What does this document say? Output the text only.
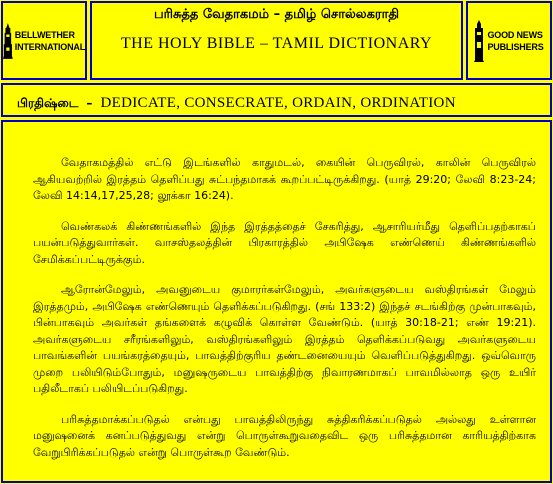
BELLWETHER
INTERNATIONAL
பரிசுத்த வேதாகமம் – தமிழ் சொல்லகராதி
THE HOLY BIBLE – TAMIL DICTIONARY
GOOD NEWS
PUBLISHERS
பிரதிஷ்டை – DEDICATE, CONSECRATE, ORDAIN, ORDINATION

வேதாகமத்தில் எட்டு இடங்களில் காதுமடல், கையின் பெருவிரல், காலின் பெருவிரல் ஆகியவற்றில் இரத்தம் தெளிப்பது சுட்பந்தமாகக் கூறப்பட்டிருக்கிறது. (யாத் 29:20; லேவி 8:23-24; லேவி 14:14,17,25,28; லூக்கா 16:24).

வெண்கலக் கிண்ணங்களில் இந்த இரத்தத்தைச் சேகரித்து, ஆசாரியர்மீது தெளிப்பதற்காகப் பயன்படுத்துவார்கள். வாசஸ்தலத்தின் பிரகாரத்தில் அபிஷேக எண்ணெய் கிண்ணங்களில் சேமிக்கப்பட்டிருக்கும்.

ஆரோன்மேலும், அவனுடைய குமாரர்கள்மேலும், அவர்களுடைய வஸ்திரங்கள் மேலும் இரத்தமும், அபிஷேக எண்ணெயும் தெளிக்கப்படுகிறது. (சங் 133:2) இந்தச் சடங்கிற்கு முன்பாகவும், பின்பாகவும் அவர்கள் தங்களைக் கழுவிக் கொள்ள வேண்டும். (யாத் 30:18-21; எண் 19:21). அவர்களுடைய சரீரங்களிலும், வஸ்திரங்களிலும் இரத்தம் தெளிக்கப்படுவது அவர்களுடைய பாவங்களின் பயங்கரத்தையும், பாவத்திற்குரிய தண்டனையையும் வெளிப்படுத்துகிறது. ஒவ்வொரு முறை பலியிடும்போதும், மனுஷருடைய பாவத்திற்கு நிவாரணமாகப் பாவமில்லாத ஒரு உயிர் பதிலீடாகப் பலியிடப்படுகிறது.

பரிசுத்தமாக்கப்படுதல் என்பது பாவத்திலிருந்து சுத்திகரிக்கப்படுதல் அல்லது உள்ளான மனுஷனைக் கனப்படுத்துவது என்று பொருள்கூறுவதைவிட ஒரு பரிசுத்தமான காரியத்திற்காக வேறுபிரிக்கப்படுதல் என்று பொருள்கூற வேண்டும்.
